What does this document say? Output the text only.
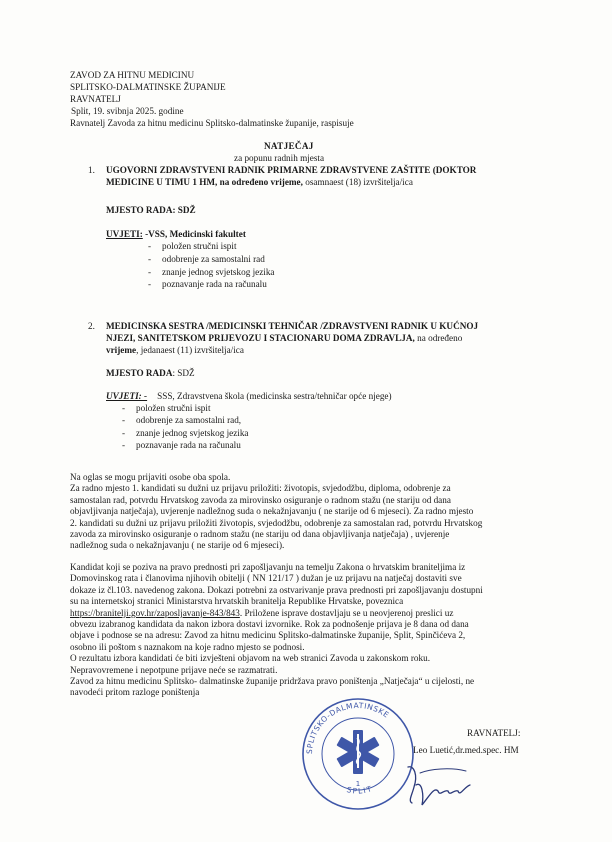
ZAVOD ZA HITNU MEDICINU
SPLITSKO-DALMATINSKE ŽUPANIJE
RAVNATELJ
Split, 19. svibnja 2025. godine
Ravnatelj Zavoda za hitnu medicinu Splitsko-dalmatinske županije, raspisuje
NATJEČAJ
za popunu radnih mjesta
1. UGOVORNI ZDRAVSTVENI RADNIK PRIMARNE ZDRAVSTVENE ZAŠTITE (DOKTOR
MEDICINE U TIMU 1 HM, na određeno vrijeme, osamnaest (18) izvršitelja/ica
MJESTO RADA: SDŽ
UVJETI: -VSS, Medicinski fakultet
- položen stručni ispit
- odobrenje za samostalni rad
- znanje jednog svjetskog jezika
- poznavanje rada na računalu
2. MEDICINSKA SESTRA /MEDICINSKI TEHNIČAR /ZDRAVSTVENI RADNIK U KUĆNOJ
NJEZI, SANITETSKOM PRIJEVOZU I STACIONARU DOMA ZDRAVLJA, na određeno
vrijeme, jedanaest (11) izvršitelja/ica
MJESTO RADA: SDŽ
UVJETI: - SSS, Zdravstvena škola (medicinska sestra/tehničar opće njege)
- položen stručni ispit
- odobrenje za samostalni rad,
- znanje jednog svjetskog jezika
- poznavanje rada na računalu

Na oglas se mogu prijaviti osobe oba spola.

Za radno mjesto 1. kandidati su dužni uz prijavu priložiti: životopis, svjedodžbu, diploma, odobrenje za

samostalan rad, potvrdu Hrvatskog zavoda za mirovinsko osiguranje o radnom stažu (ne stariju od dana

objavljivanja natječaja), uvjerenje nadležnog suda o nekažnjavanju ( ne starije od 6 mjeseci). Za radno mjesto

2. kandidati su dužni uz prijavu priložiti životopis, svjedodžbu, odobrenje za samostalan rad, potvrdu Hrvatskog

zavoda za mirovinsko osiguranje o radnom stažu (ne stariju od dana objavljivanja natječaja) , uvjerenje

nadležnog suda o nekažnjavanju ( ne starije od 6 mjeseci).

Kandidat koji se poziva na pravo prednosti pri zapošljavanju na temelju Zakona o hrvatskim braniteljima iz

Domovinskog rata i članovima njihovih obitelji ( NN 121/17 ) dužan je uz prijavu na natječaj dostaviti sve

dokaze iz čl.103. navedenog zakona. Dokazi potrebni za ostvarivanje prava prednosti pri zapošljavanju dostupni

su na internetskoj stranici Ministarstva hrvatskih branitelja Republike Hrvatske, poveznica

https://branitelji.gov.hr/zaposljavanje-843/843. Priložene isprave dostavljaju se u neovjerenoj preslici uz

obvezu izabranog kandidata da nakon izbora dostavi izvornike. Rok za podnošenje prijava je 8 dana od dana

objave i podnose se na adresu: Zavod za hitnu medicinu Splitsko-dalmatinske županije, Split, Spinčićeva 2,

osobno ili poštom s naznakom na koje radno mjesto se podnosi.

O rezultatu izbora kandidati će biti izvješteni objavom na web stranici Zavoda u zakonskom roku.

Nepravovremene i nepotpune prijave neće se razmatrati.

Zavod za hitnu medicinu Splitsko- dalmatinske županije pridržava pravo poništenja „Natječaja“ u cijelosti, ne

navodeći pritom razloge poništenja

RAVNATELJ:
Leo Luetić,dr.med.spec. HM
SPLITSKO-DALMATINSKE
SPLIT
1
